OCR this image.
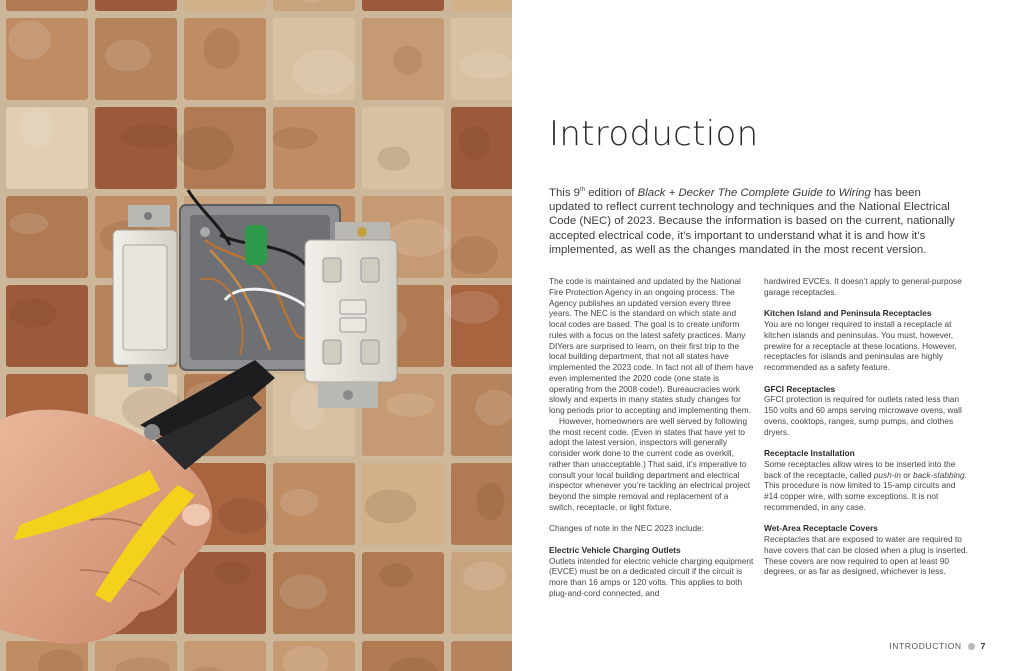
Introduction

This 9th edition of Black + Decker The Complete Guide to Wiring has been updated to reflect current technology and techniques and the National Electrical Code (NEC) of 2023. Because the information is based on the current, nationally accepted electrical code, it’s important to understand what it is and how it’s implemented, as well as the changes mandated in the most recent version.

The code is maintained and updated by the National Fire Protection Agency in an ongoing process. The Agency publishes an updated version every three years. The NEC is the standard on which state and local codes are based. The goal is to create uniform rules with a focus on the latest safety practices. Many DIYers are surprised to learn, on their first trip to the local building department, that not all states have implemented the 2023 code. In fact not all of them have even implemented the 2020 code (one state is operating from the 2008 code!). Bureaucracies work slowly and experts in many states study changes for long periods prior to accepting and implementing them.

However, homeowners are well served by following the most recent code. (Even in states that have yet to adopt the latest version, inspectors will generally consider work done to the current code as overkill, rather than unacceptable.) That said, it’s imperative to consult your local building department and electrical inspector whenever you’re tackling an electrical project beyond the simple removal and replacement of a switch, receptacle, or light fixture.

Changes of note in the NEC 2023 include:

Electric Vehicle Charging Outlets

Outlets intended for electric vehicle charging equipment (EVCE) must be on a dedicated circuit if the circuit is more than 16 amps or 120 volts. This applies to both plug-and-cord connected, and

hardwired EVCEs. It doesn’t apply to general-purpose garage receptacles.

Kitchen Island and Peninsula Receptacles

You are no longer required to install a receptacle at kitchen islands and peninsulas. You must, however, prewire for a receptacle at these locations. However, receptacles for islands and peninsulas are highly recommended as a safety feature.

GFCI Receptacles

GFCI protection is required for outlets rated less than 150 volts and 60 amps serving microwave ovens, wall ovens, cooktops, ranges, sump pumps, and clothes dryers.

Receptacle Installation

Some receptacles allow wires to be inserted into the back of the receptacle, called push-in or back-stabbing. This procedure is now limited to 15-amp circuits and #14 copper wire, with some exceptions. It is not recommended, in any case.

Wet-Area Receptacle Covers

Receptacles that are exposed to water are required to have covers that can be closed when a plug is inserted. These covers are now required to open at least 90 degrees, or as far as designed, whichever is less.

INTRODUCTION 7
